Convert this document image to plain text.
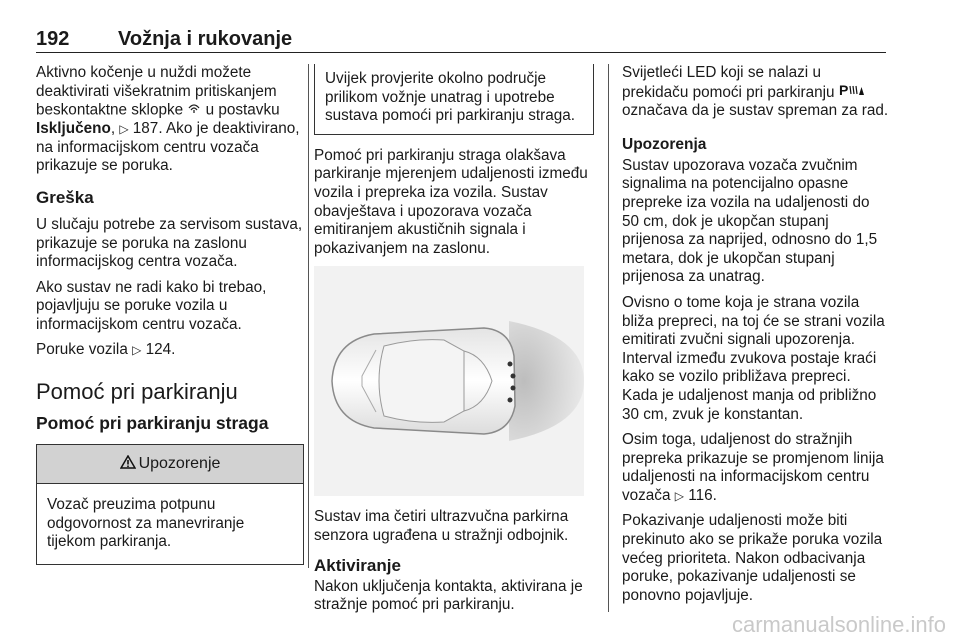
192 Vožnja i rukovanje

Aktivno kočenje u nuždi možete deaktivirati višekratnim pritiskanjem beskontaktne sklopke  u postavku Isključeno, ▷ 187. Ako je deaktivirano, na informacijskom centru vozača prikazuje se poruka.

Greška

U slučaju potrebe za servisom sustava, prikazuje se poruka na zaslonu informacijskog centra vozača.

Ako sustav ne radi kako bi trebao, pojavljuju se poruke vozila u informacijskom centru vozača.

Poruke vozila ▷ 124.

Pomoć pri parkiranju
Pomoć pri parkiranju straga
Upozorenje

Vozač preuzima potpunu odgovornost za manevriranje tijekom parkiranja.

Uvijek provjerite okolno područje prilikom vožnje unatrag i upotrebe sustava pomoći pri parkiranju straga.

Pomoć pri parkiranju straga olakšava parkiranje mjerenjem udaljenosti između vozila i prepreka iza vozila. Sustav obavještava i upozorava vozača emitiranjem akustičnih signala i pokazivanjem na zaslonu.

Sustav ima četiri ultrazvučna parkirna senzora ugrađena u stražnji odbojnik.

Aktiviranje

Nakon uključenja kontakta, aktivirana je stražnje pomoć pri parkiranju.

Svijetleći LED koji se nalazi u prekidaču pomoći pri parkiranju P
označava da je sustav spreman za rad.

Upozorenja

Sustav upozorava vozača zvučnim signalima na potencijalno opasne prepreke iza vozila na udaljenosti do 50 cm, dok je ukopčan stupanj prijenosa za naprijed, odnosno do 1,5 metara, dok je ukopčan stupanj prijenosa za unatrag.

Ovisno o tome koja je strana vozila bliža prepreci, na toj će se strani vozila emitirati zvučni signali upozorenja. Interval između zvukova postaje kraći kako se vozilo približava prepreci. Kada je udaljenost manja od približno 30 cm, zvuk je konstantan.

Osim toga, udaljenost do stražnjih prepreka prikazuje se promjenom linija udaljenosti na informacijskom centru vozača ▷ 116.

Pokazivanje udaljenosti može biti prekinuto ako se prikaže poruka vozila većeg prioriteta. Nakon odbacivanja poruke, pokazivanje udaljenosti se ponovno pojavljuje.

carmanualsonline.info
